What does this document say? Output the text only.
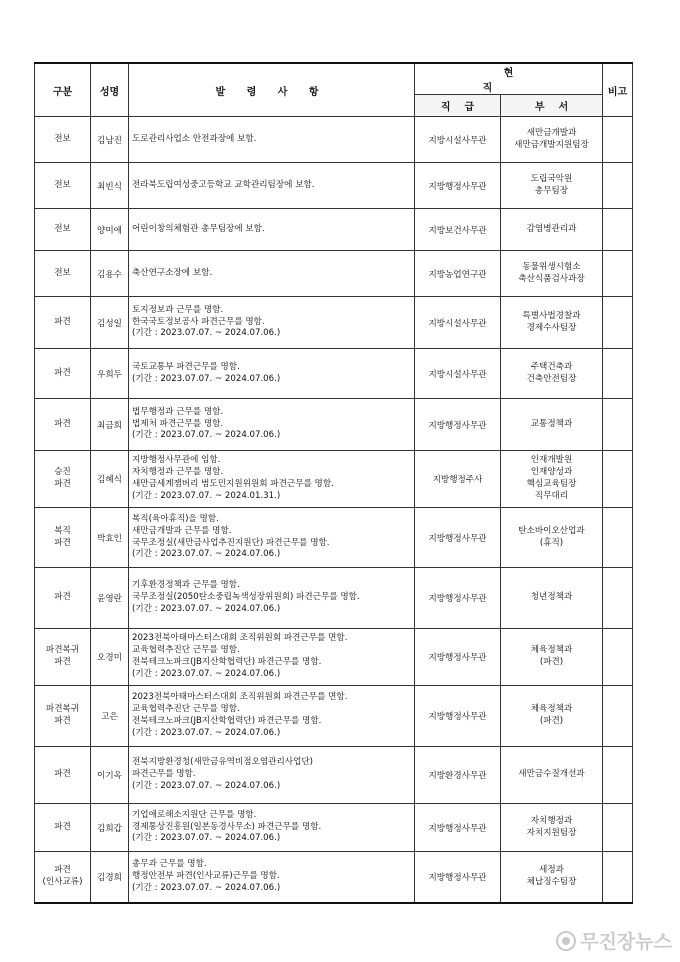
구분	성명	발 령 사 항	현 직		비고
			직급	부서	

전보	김남진	도로관리사업소 안전과장에 보함.	지방시설사무관	새만금개발과
새만금개발지원팀장	

전보	최빈식	전라북도립여성중고등학교 교학관리팀장에 보함.	지방행정사무관	도립국악원
총무팀장	

전보	양미애	어린이창의체험관 총무팀장에 보함.	지방보건사무관	감염병관리과	

전보	김용수	축산연구소장에 보함.	지방농업연구관	동물위생시험소
축산식품검사과장	

파견	김성일	토지정보과 근무를 명함.
한국국토정보공사 파견근무를 명함.
(기간 : 2023.07.07. ~ 2024.07.06.)	지방시설사무관	특별사법경찰과
경제수사팀장	

파견	우희두	국토교통부 파견근무를 명함.
(기간 : 2023.07.07. ~ 2024.07.06.)	지방시설사무관	주택건축과
건축안전팀장	

파견	최금희	법무행정과 근무를 명함.
법제처 파견근무를 명함.
(기간 : 2023.07.07. ~ 2024.07.06.)	지방행정사무관	교통정책과	

승진
파견	김혜식	지방행정사무관에 임함.
자치행정과 근무를 명함.
새만금세계잼버리 범도민지원위원회 파견근무를 명함.
(기간 : 2023.07.07. ~ 2024.01.31.)	지방행정주사	인재개발원
인재양성과
핵심교육팀장
직무대리	

복직
파견	박효인	복직(육아휴직)을 명함.
새만금개발과 근무를 명함.
국무조정실(새만금사업추진지원단) 파견근무를 명함.
(기간 : 2023.07.07. ~ 2024.07.06.)	지방행정사무관	탄소바이오산업과
(휴직)	

파견	윤영란	기후환경정책과 근무를 명함.
국무조정실(2050탄소중립녹색성장위원회) 파견근무를 명함.
(기간 : 2023.07.07. ~ 2024.07.06.)	지방행정사무관	청년정책과	

파견복귀
파견	오경미	2023전북아태마스터스대회 조직위원회 파견근무를 면함.
교육협력추진단 근무를 명함.
전북테크노파크(JB지산학협력단) 파견근무를 명함.
(기간 : 2023.07.07. ~ 2024.07.06.)	지방행정사무관	체육정책과
(파견)	

파견복귀
파견	고은	2023전북아태마스터스대회 조직위원회 파견근무를 면함.
교육협력추진단 근무를 명함.
전북테크노파크(JB지산학협력단) 파견근무를 명함.
(기간 : 2023.07.07. ~ 2024.07.06.)	지방행정사무관	체육정책과
(파견)	

파견	이기옥	전북지방환경청(새만금유역비점오염관리사업단)
파견근무를 명함.
(기간 : 2023.07.07. ~ 2024.07.06.)	지방환경사무관	새만금수질개선과	

파견	김희갑	기업애로해소지원단 근무를 명함.
경제통상진흥원(일본동경사무소) 파견근무를 명함.
(기간 : 2023.07.07. ~ 2024.07.06.)	지방행정사무관	자치행정과
자치지원팀장	

파견
(인사교류)	김경희	총무과 근무를 명함.
행정안전부 파견(인사교류)근무를 명함.
(기간 : 2023.07.07. ~ 2024.07.06.)	지방행정사무관	세정과
체납징수팀장	

무진장뉴스
